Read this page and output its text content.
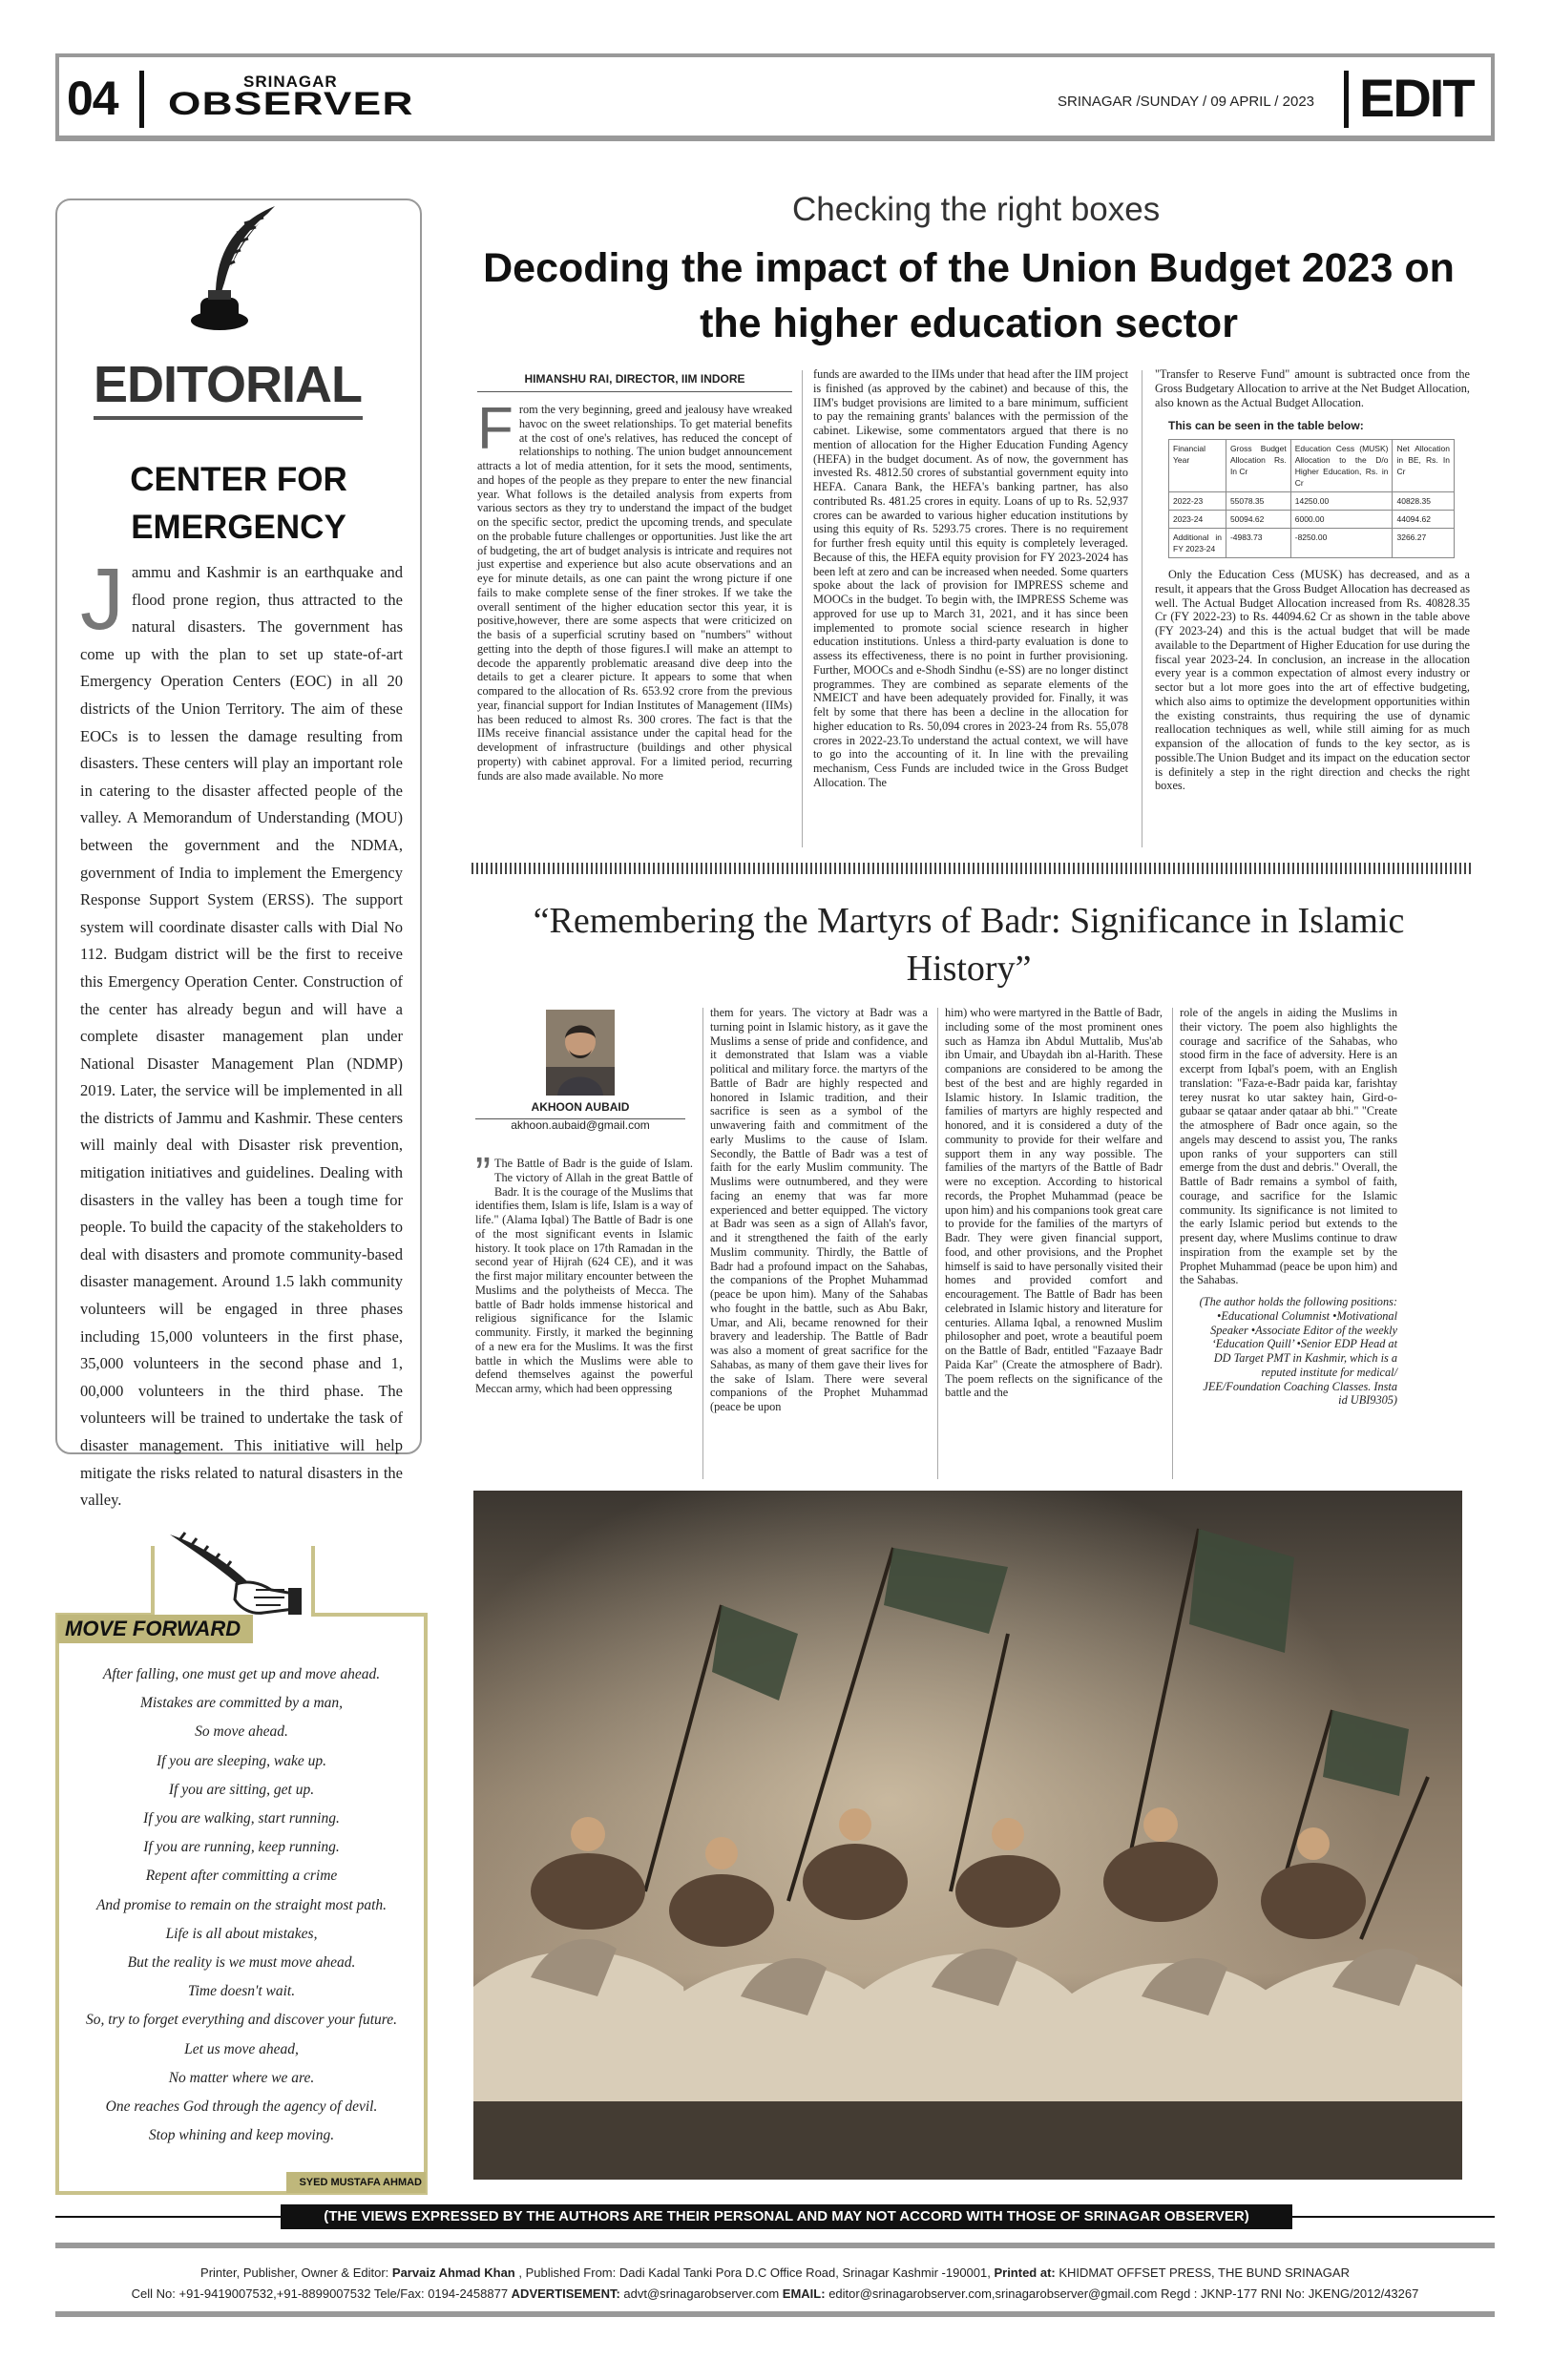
04	SRINAGAR
OBSERVER	SRINAGAR /SUNDAY / 09 APRIL / 2023 EDIT
EDITORIAL
CENTER FOR EMERGENCY
Jammu and Kashmir is an earthquake and flood prone region, thus attracted to the natural disasters. The government has come up with the plan to set up state-of-art Emergency Operation Centers (EOC) in all 20 districts of the Union Territory. The aim of these EOCs is to lessen the damage resulting from disasters. These centers will play an important role in catering to the disaster affected people of the valley. A Memorandum of Understanding (MOU) between the government and the NDMA, government of India to implement the Emergency Response Support System (ERSS). The support system will coordinate disaster calls with Dial No 112. Budgam district will be the first to receive this Emergency Operation Center. Construction of the center has already begun and will have a complete disaster management plan under National Disaster Management Plan (NDMP) 2019. Later, the service will be implemented in all the districts of Jammu and Kashmir. These centers will mainly deal with Disaster risk prevention, mitigation initiatives and guidelines. Dealing with disasters in the valley has been a tough time for people. To build the capacity of the stakeholders to deal with disasters and promote community-based disaster management. Around 1.5 lakh community volunteers will be engaged in three phases including 15,000 volunteers in the first phase, 35,000 volunteers in the second phase and 1, 00,000 volunteers in the third phase. The volunteers will be trained to undertake the task of disaster management. This initiative will help mitigate the risks related to natural disasters in the valley.
MOVE FORWARD
After falling, one must get up and move ahead.
Mistakes are committed by a man,
So move ahead.
If you are sleeping, wake up.
If you are sitting, get up.
If you are walking, start running.
If you are running, keep running.
Repent after committing a crime
And promise to remain on the straight most path.
Life is all about mistakes,
But the reality is we must move ahead.
Time doesn't wait.
So, try to forget everything and discover your future.
Let us move ahead,
No matter where we are.
One reaches God through the agency of devil.
Stop whining and keep moving.
SYED MUSTAFA AHMAD
Checking the right boxes
Decoding the impact of the Union Budget 2023 on the higher education sector
HIMANSHU RAI, DIRECTOR, IIM INDORE
From the very beginning, greed and jealousy have wreaked havoc on the sweet relationships. To get material benefits at the cost of one's relatives, has reduced the concept of relationships to nothing. The union budget announcement attracts a lot of media attention, for it sets the mood, sentiments, and hopes of the people as they prepare to enter the new financial year. What follows is the detailed analysis from experts from various sectors as they try to understand the impact of the budget on the specific sector, predict the upcoming trends, and speculate on the probable future challenges or opportunities. Just like the art of budgeting, the art of budget analysis is intricate and requires not just expertise and experience but also acute observations and an eye for minute details, as one can paint the wrong picture if one fails to make complete sense of the finer strokes. If we take the overall sentiment of the higher education sector this year, it is positive,however, there are some aspects that were criticized on the basis of a superficial scrutiny based on "numbers" without getting into the depth of those figures.I will make an attempt to decode the apparently problematic areasand dive deep into the details to get a clearer picture. It appears to some that when compared to the allocation of Rs. 653.92 crore from the previous year, financial support for Indian Institutes of Management (IIMs) has been reduced to almost Rs. 300 crores. The fact is that the IIMs receive financial assistance under the capital head for the development of infrastructure (buildings and other physical property) with cabinet approval. For a limited period, recurring funds are also made available. No more
funds are awarded to the IIMs under that head after the IIM project is finished (as approved by the cabinet) and because of this, the IIM's budget provisions are limited to a bare minimum, sufficient to pay the remaining grants' balances with the permission of the cabinet. Likewise, some commentators argued that there is no mention of allocation for the Higher Education Funding Agency (HEFA) in the budget document. As of now, the government has invested Rs. 4812.50 crores of substantial government equity into HEFA. Canara Bank, the HEFA's banking partner, has also contributed Rs. 481.25 crores in equity. Loans of up to Rs. 52,937 crores can be awarded to various higher education institutions by using this equity of Rs. 5293.75 crores. There is no requirement for further fresh equity until this equity is completely leveraged. Because of this, the HEFA equity provision for FY 2023-2024 has been left at zero and can be increased when needed. Some quarters spoke about the lack of provision for IMPRESS scheme and MOOCs in the budget. To begin with, the IMPRESS Scheme was approved for use up to March 31, 2021, and it has since been implemented to promote social science research in higher education institutions. Unless a third-party evaluation is done to assess its effectiveness, there is no point in further provisioning. Further, MOOCs and e-Shodh Sindhu (e-SS) are no longer distinct programmes. They are combined as separate elements of the NMEICT and have been adequately provided for. Finally, it was felt by some that there has been a decline in the allocation for higher education to Rs. 50,094 crores in 2023-24 from Rs. 55,078 crores in 2022-23.To understand the actual context, we will have to go into the accounting of it. In line with the prevailing mechanism, Cess Funds are included twice in the Gross Budget Allocation. The
"Transfer to Reserve Fund" amount is subtracted once from the Gross Budgetary Allocation to arrive at the Net Budget Allocation, also known as the Actual Budget Allocation.
This can be seen in the table below:
Financial Year	Gross Budget Allocation Rs. In Cr	Education Cess (MUSK) Allocation to the D/o Higher Education, Rs. in Cr	Net Allocation in BE, Rs. In Cr
2022-23	55078.35	14250.00	40828.35
2023-24	50094.62	6000.00	44094.62
Additional in FY 2023-24	-4983.73	-8250.00	3266.27
Only the Education Cess (MUSK) has decreased, and as a result, it appears that the Gross Budget Allocation has decreased as well. The Actual Budget Allocation increased from Rs. 40828.35 Cr (FY 2022-23) to Rs. 44094.62 Cr as shown in the table above (FY 2023-24) and this is the actual budget that will be made available to the Department of Higher Education for use during the fiscal year 2023-24. In conclusion, an increase in the allocation every year is a common expectation of almost every industry or sector but a lot more goes into the art of effective budgeting, which also aims to optimize the development opportunities within the existing constraints, thus requiring the use of dynamic reallocation techniques as well, while still aiming for as much expansion of the allocation of funds to the key sector, as is possible.The Union Budget and its impact on the education sector is definitely a step in the right direction and checks the right boxes.
“Remembering the Martyrs of Badr: Significance in Islamic History”
AKHOON AUBAID
akhoon.aubaid@gmail.com
” The Battle of Badr is the guide of Islam. The victory of Allah in the great Battle of Badr. It is the courage of the Muslims that identifies them, Islam is life, Islam is a way of life." (Alama Iqbal) The Battle of Badr is one of the most significant events in Islamic history. It took place on 17th Ramadan in the second year of Hijrah (624 CE), and it was the first major military encounter between the Muslims and the polytheists of Mecca. The battle of Badr holds immense historical and religious significance for the Islamic community. Firstly, it marked the beginning of a new era for the Muslims. It was the first battle in which the Muslims were able to defend themselves against the powerful Meccan army, which had been oppressing
them for years. The victory at Badr was a turning point in Islamic history, as it gave the Muslims a sense of pride and confidence, and it demonstrated that Islam was a viable political and military force. the martyrs of the Battle of Badr are highly respected and honored in Islamic tradition, and their sacrifice is seen as a symbol of the unwavering faith and commitment of the early Muslims to the cause of Islam. Secondly, the Battle of Badr was a test of faith for the early Muslim community. The Muslims were outnumbered, and they were facing an enemy that was far more experienced and better equipped. The victory at Badr was seen as a sign of Allah's favor, and it strengthened the faith of the early Muslim community. Thirdly, the Battle of Badr had a profound impact on the Sahabas, the companions of the Prophet Muhammad (peace be upon him). Many of the Sahabas who fought in the battle, such as Abu Bakr, Umar, and Ali, became renowned for their bravery and leadership. The Battle of Badr was also a moment of great sacrifice for the Sahabas, as many of them gave their lives for the sake of Islam. There were several companions of the Prophet Muhammad (peace be upon
him) who were martyred in the Battle of Badr, including some of the most prominent ones such as Hamza ibn Abdul Muttalib, Mus'ab ibn Umair, and Ubaydah ibn al-Harith. These companions are considered to be among the best of the best and are highly regarded in Islamic history. In Islamic tradition, the families of martyrs are highly respected and honored, and it is considered a duty of the community to provide for their welfare and support them in any way possible. The families of the martyrs of the Battle of Badr were no exception. According to historical records, the Prophet Muhammad (peace be upon him) and his companions took great care to provide for the families of the martyrs of Badr. They were given financial support, food, and other provisions, and the Prophet himself is said to have personally visited their homes and provided comfort and encouragement. The Battle of Badr has been celebrated in Islamic history and literature for centuries. Allama Iqbal, a renowned Muslim philosopher and poet, wrote a beautiful poem on the Battle of Badr, entitled "Fazaaye Badr Paida Kar" (Create the atmosphere of Badr). The poem reflects on the significance of the battle and the
role of the angels in aiding the Muslims in their victory. The poem also highlights the courage and sacrifice of the Sahabas, who stood firm in the face of adversity. Here is an excerpt from Iqbal's poem, with an English translation: "Faza-e-Badr paida kar, farishtay terey nusrat ko utar saktey hain, Gird-o-gubaar se qataar ander qataar ab bhi." "Create the atmosphere of Badr once again, so the angels may descend to assist you, The ranks upon ranks of your supporters can still emerge from the dust and debris." Overall, the Battle of Badr remains a symbol of faith, courage, and sacrifice for the Islamic community. Its significance is not limited to the early Islamic period but extends to the present day, where Muslims continue to draw inspiration from the example set by the Prophet Muhammad (peace be upon him) and the Sahabas.
(The author holds the following positions: •Educational Columnist •Motivational Speaker •Associate Editor of the weekly ‘Education Quill’ •Senior EDP Head at DD Target PMT in Kashmir, which is a reputed institute for medical/ JEE/Foundation Coaching Classes. Insta id UBI9305)
(THE VIEWS EXPRESSED BY THE AUTHORS ARE THEIR PERSONAL AND MAY NOT ACCORD WITH THOSE OF SRINAGAR OBSERVER)
Printer, Publisher, Owner & Editor: Parvaiz Ahmad Khan , Published From: Dadi Kadal Tanki Pora D.C Office Road, Srinagar Kashmir -190001, Printed at: KHIDMAT OFFSET PRESS, THE BUND SRINAGAR
Cell No: +91-9419007532,+91-8899007532 Tele/Fax: 0194-2458877 ADVERTISEMENT: advt@srinagarobserver.com EMAIL: editor@srinagarobserver.com,srinagarobserver@gmail.com Regd : JKNP-177 RNI No: JKENG/2012/43267
